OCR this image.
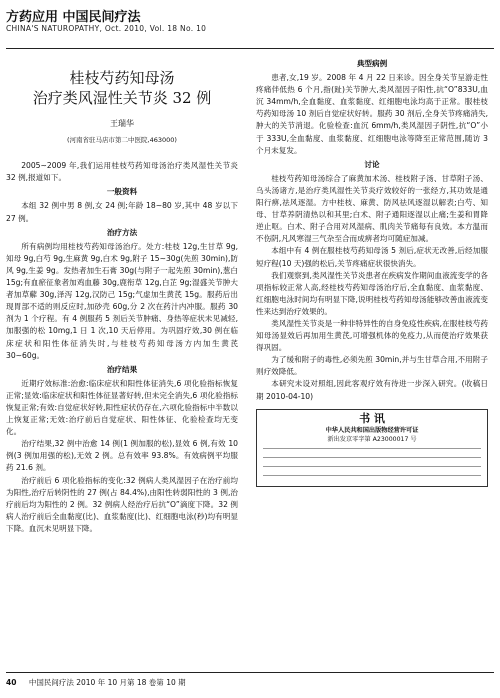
方药应用 中国民间疗法
CHINA'S NATUROPATHY, Oct. 2010, Vol. 18 No. 10
桂枝芍药知母汤
治疗类风湿性关节炎 32 例
王瑞华
(河南省驻马店市第二中医院,463000)

2005~2009 年,我们运用桂枝芍药知母汤治疗类风湿性关节炎 32 例,报道如下。

一般资料

本组 32 例中男 8 例,女 24 例;年龄 18~80 岁,其中 48 岁以下 27 例。

治疗方法

所有病例均用桂枝芍药知母汤治疗。处方:桂枝 12g,生甘草 9g,知母 9g,白芍 9g,生麻黄 9g,白术 9g,附子 15~30g(先煎 30min),防风 9g,生姜 9g。发热者加生石膏 30g(与附子一起先煎 30min),葱白 15g;有血瘀征象者加鸡血藤 30g,鹿衔草 12g,白芷 9g;湿盛关节肿大者加草薢 30g,泽泻 12g,汉防己 15g;气虚加生黄芪 15g。服药后出现胃部不适的则反应时,加砂壳 60g,分 2 次在药汁内冲服。服药 30 剂为 1 个疗程。有 4 例服药 5 剂后关节肿痛、身热等症状未见减轻,加服强的松 10mg,1 日 1 次,10 天后停用。为巩固疗效,30 例在临床症状和阳性体征消失时,与桂枝芍药知母汤方内加生黄芪 30~60g。

治疗结果

近期疗效标准:治愈:临床症状和阳性体征消失,6 项化验指标恢复正常;显效:临床症状和阳性体征显著好转,但未完全消失,6 项化验指标恢复正常;有效:自觉症状好转,阳性症状仍存在,六项化验指标中半数以上恢复正常;无效:治疗前后自觉症状、阳性体征、化验检查均无变化。

治疗结果,32 例中治愈 14 例(1 例加服的松),显效 6 例,有效 10 例(3 例加用强的松),无效 2 例。总有效率 93.8%。有效病例平均服药 21.6 剂。

治疗前后 6 项化验指标的变化:32 例病人类风湿因子在治疗前均为阳性,治疗后转阴性的 27 例(占 84.4%),由阳性转弱阳性的 3 例,治疗前后均为阳性的 2 例。32 例病人经治疗后抗“O”滴度下降。32 例病人治疗前后全血黏度(比)、血浆黏度(比)、红细胞电泳(秒)均有明显下降。血沉未见明显下降。

典型病例

患者,女,19 岁。2008 年 4 月 22 日来诊。因全身关节呈游走性疼痛伴低热 6 个月,指(趾)关节肿大,类风湿因子阳性,抗“O”833U,血沉 34mm/h,全血黏度、血浆黏度、红细胞电泳均高于正常。服桂枝芍药知母汤 10 剂后自觉症状好转。服药 30 剂后,全身关节疼痛消失,肿大的关节消退。化验检查:血沉 6mm/h,类风湿因子阴性,抗“O”小于 333U,全血黏度、血浆黏度、红细胞电泳等降至正常范围,随访 3 个月未复发。

讨论

桂枝芍药知母汤综合了麻黄加术汤、桂枝附子汤、甘草附子汤、乌头汤诸方,是治疗类风湿性关节炎疗效较好的一张经方,其功效是通阳行痹,祛风逐湿。方中桂枝、麻黄、防风祛风逐湿以解表;白芍、知母、甘草养阴清热以和其里;白术、附子通阳逐湿以止痛;生姜和胃降逆止呕。白术、附子合用对风湿病、肌肉关节痛每有良效。本方温而不伤阴,凡风寒湿三气杂至合而成痹者均可随症加减。

本组中有 4 例在服桂枝芍药知母汤 5 剂后,症状无改善,后经加服短疗程(10 天)强的松后,关节疼痛症状很快消失。

我们观察到,类风湿性关节炎患者在疾病发作期间血液流变学的各项指标较正常人高,经桂枝芍药知母汤治疗后,全血黏度、血浆黏度、红细胞电泳时间均有明显下降,说明桂枝芍药知母汤能够改善血液流变性来达到治疗效果的。

类风湿性关节炎是一种非特异性的自身免疫性疾病,在服桂枝芍药知母汤显效后再加用生黄芪,可增强机体的免疫力,从而使治疗效果获得巩固。

为了缓和附子的毒性,必须先煎 30min,并与生甘草合用,不用附子则疗效降低。

本研究未设对照组,因此客观疗效有待进一步深入研究。(收稿日期 2010-04-10)

书 讯
中华人民共和国出版物经营许可证
新出发京零字第 A23000017 号
40 中国民间疗法 2010 年 10 月第 18 卷第 10 期
